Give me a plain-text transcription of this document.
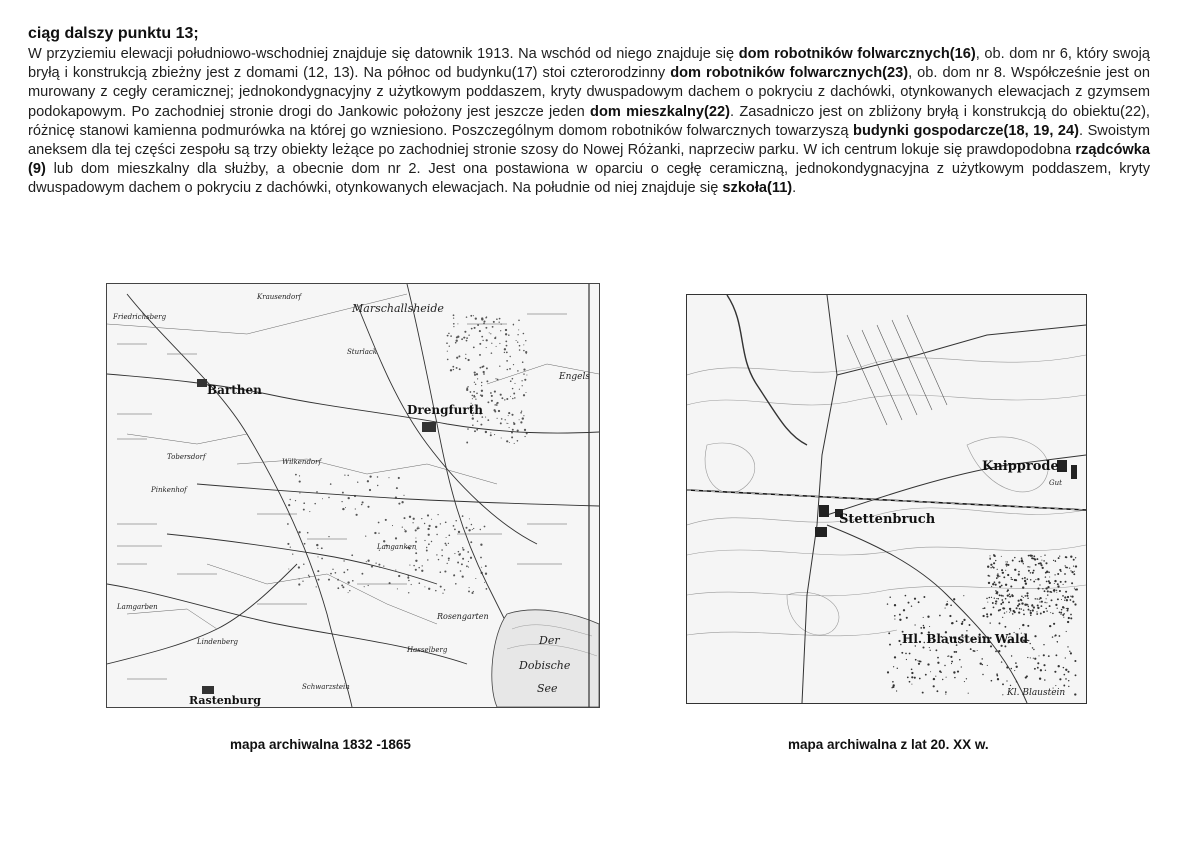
ciąg dalszy punktu 13;
W przyziemiu elewacji południowo-wschodniej znajduje się datownik 1913. Na wschód od niego znajduje się dom robotników folwarcznych(16), ob. dom nr 6, który swoją bryłą i konstrukcją zbieżny jest z domami (12, 13). Na północ od budynku(17) stoi czterorodzinny dom robotników folwarcznych(23), ob. dom nr 8. Współcześnie jest on murowany z cegły ceramicznej; jednokondygnacyjny z użytkowym poddaszem, kryty dwuspadowym dachem o pokryciu z dachówki, otynkowanych elewacjach z gzymsem podokapowym. Po zachodniej stronie drogi do Jankowic położony jest jeszcze jeden dom mieszkalny(22). Zasadniczo jest on zbliżony bryłą i konstrukcją do obiektu(22), różnicę stanowi kamienna podmurówka na której go wzniesiono. Poszczególnym domom robotników folwarcznych towarzyszą budynki gospodarcze(18, 19, 24). Swoistym aneksem dla tej części zespołu są trzy obiekty leżące po zachodniej stronie szosy do Nowej Różanki, naprzeciw parku. W ich centrum lokuje się prawdopodobna rządcówka (9) lub dom mieszkalny dla służby, a obecnie dom nr 2. Jest ona postawiona w oparciu o cegłę ceramiczną, jednokondygnacyjna z użytkowym poddaszem, kryty dwuspadowym dachem o pokryciu z dachówki, otynkowanych elewacjach. Na południe od niej znajduje się szkoła(11).
Marschallsheide
Barthen
Drengfurth
Engels
Der
Dobische
See
Rastenburg
Friedrichsberg
Tobersdorf
Pinkenhof
Lamgarben
Rosengarten
Hasselberg
Schwarzstein
Lindenberg
Krausendorf
Wilkendorf
Langanken
Sturlack
Knipprode
Stettenbruch
Hl. Blaustein Wald
Kl. Blaustein
Gut
mapa archiwalna 1832 -1865	mapa archiwalna z lat 20. XX w.
